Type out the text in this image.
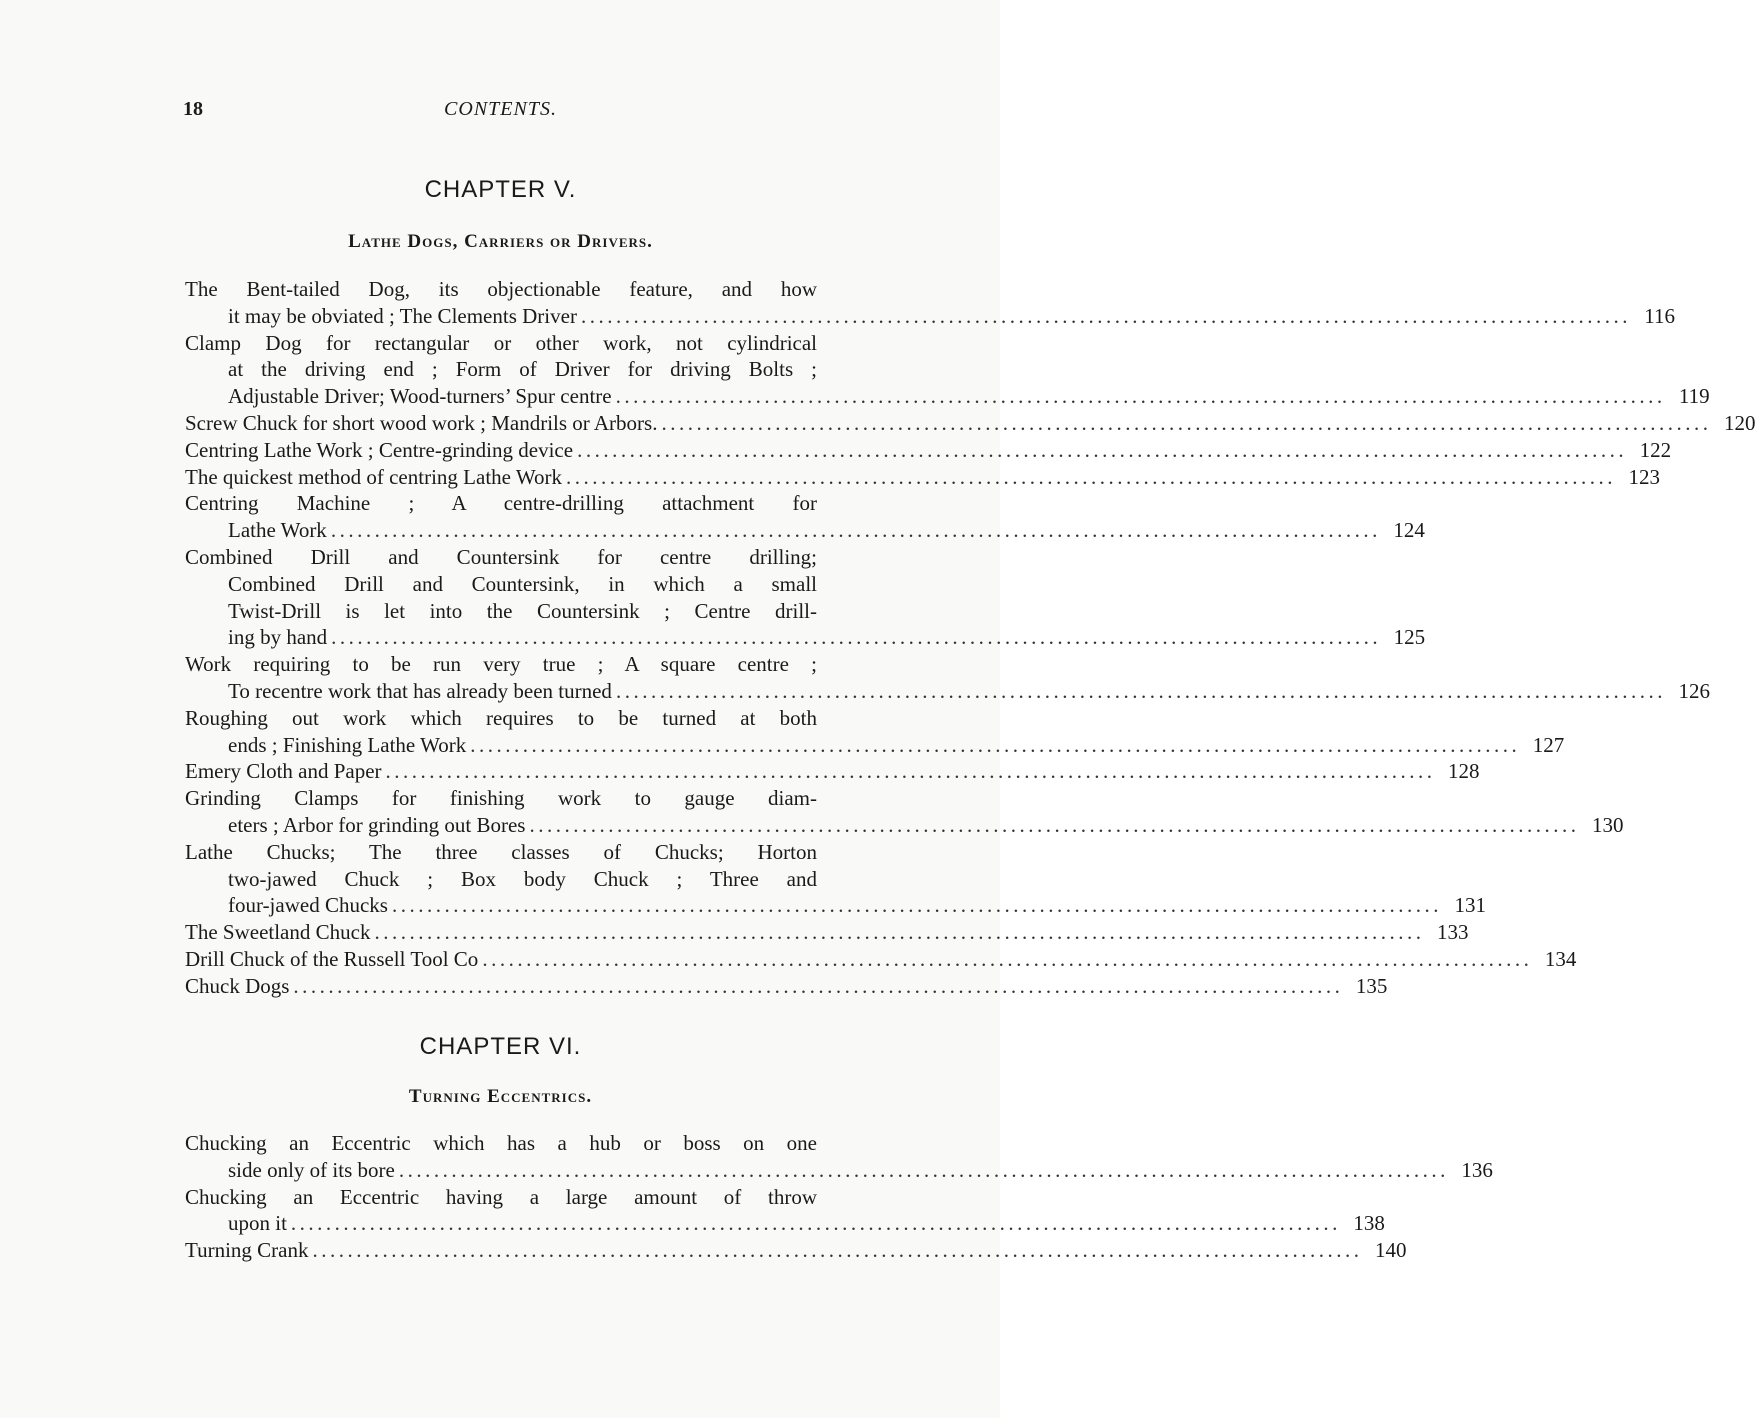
18	CONTENTS.
CHAPTER V.
Lathe Dogs, Carriers or Drivers.
The Bent-tailed Dog, its objectionable feature, and how
it may be obviated ; The Clements Driver ........................................................................................................................ 116
Clamp Dog for rectangular or other work, not cylindrical
at the driving end ; Form of Driver for driving Bolts ;
Adjustable Driver; Wood-turners’ Spur centre ........................................................................................................................ 119
Screw Chuck for short wood work ; Mandrils or Arbors. ........................................................................................................................ 120
Centring Lathe Work ; Centre-grinding device ........................................................................................................................ 122
The quickest method of centring Lathe Work ........................................................................................................................ 123
Centring Machine ; A centre-drilling attachment for
Lathe Work ........................................................................................................................ 124
Combined Drill and Countersink for centre drilling;
Combined Drill and Countersink, in which a small
Twist-Drill is let into the Countersink ; Centre drill-
ing by hand ........................................................................................................................ 125
Work requiring to be run very true ; A square centre ;
To recentre work that has already been turned ........................................................................................................................ 126
Roughing out work which requires to be turned at both
ends ; Finishing Lathe Work ........................................................................................................................ 127
Emery Cloth and Paper ........................................................................................................................ 128
Grinding Clamps for finishing work to gauge diam-
eters ; Arbor for grinding out Bores ........................................................................................................................ 130
Lathe Chucks; The three classes of Chucks; Horton
two-jawed Chuck ; Box body Chuck ; Three and
four-jawed Chucks ........................................................................................................................ 131
The Sweetland Chuck ........................................................................................................................ 133
Drill Chuck of the Russell Tool Co ........................................................................................................................ 134
Chuck Dogs ........................................................................................................................ 135
CHAPTER VI.
Turning Eccentrics.
Chucking an Eccentric which has a hub or boss on one
side only of its bore ........................................................................................................................ 136
Chucking an Eccentric having a large amount of throw
upon it ........................................................................................................................ 138
Turning Crank ........................................................................................................................ 140
